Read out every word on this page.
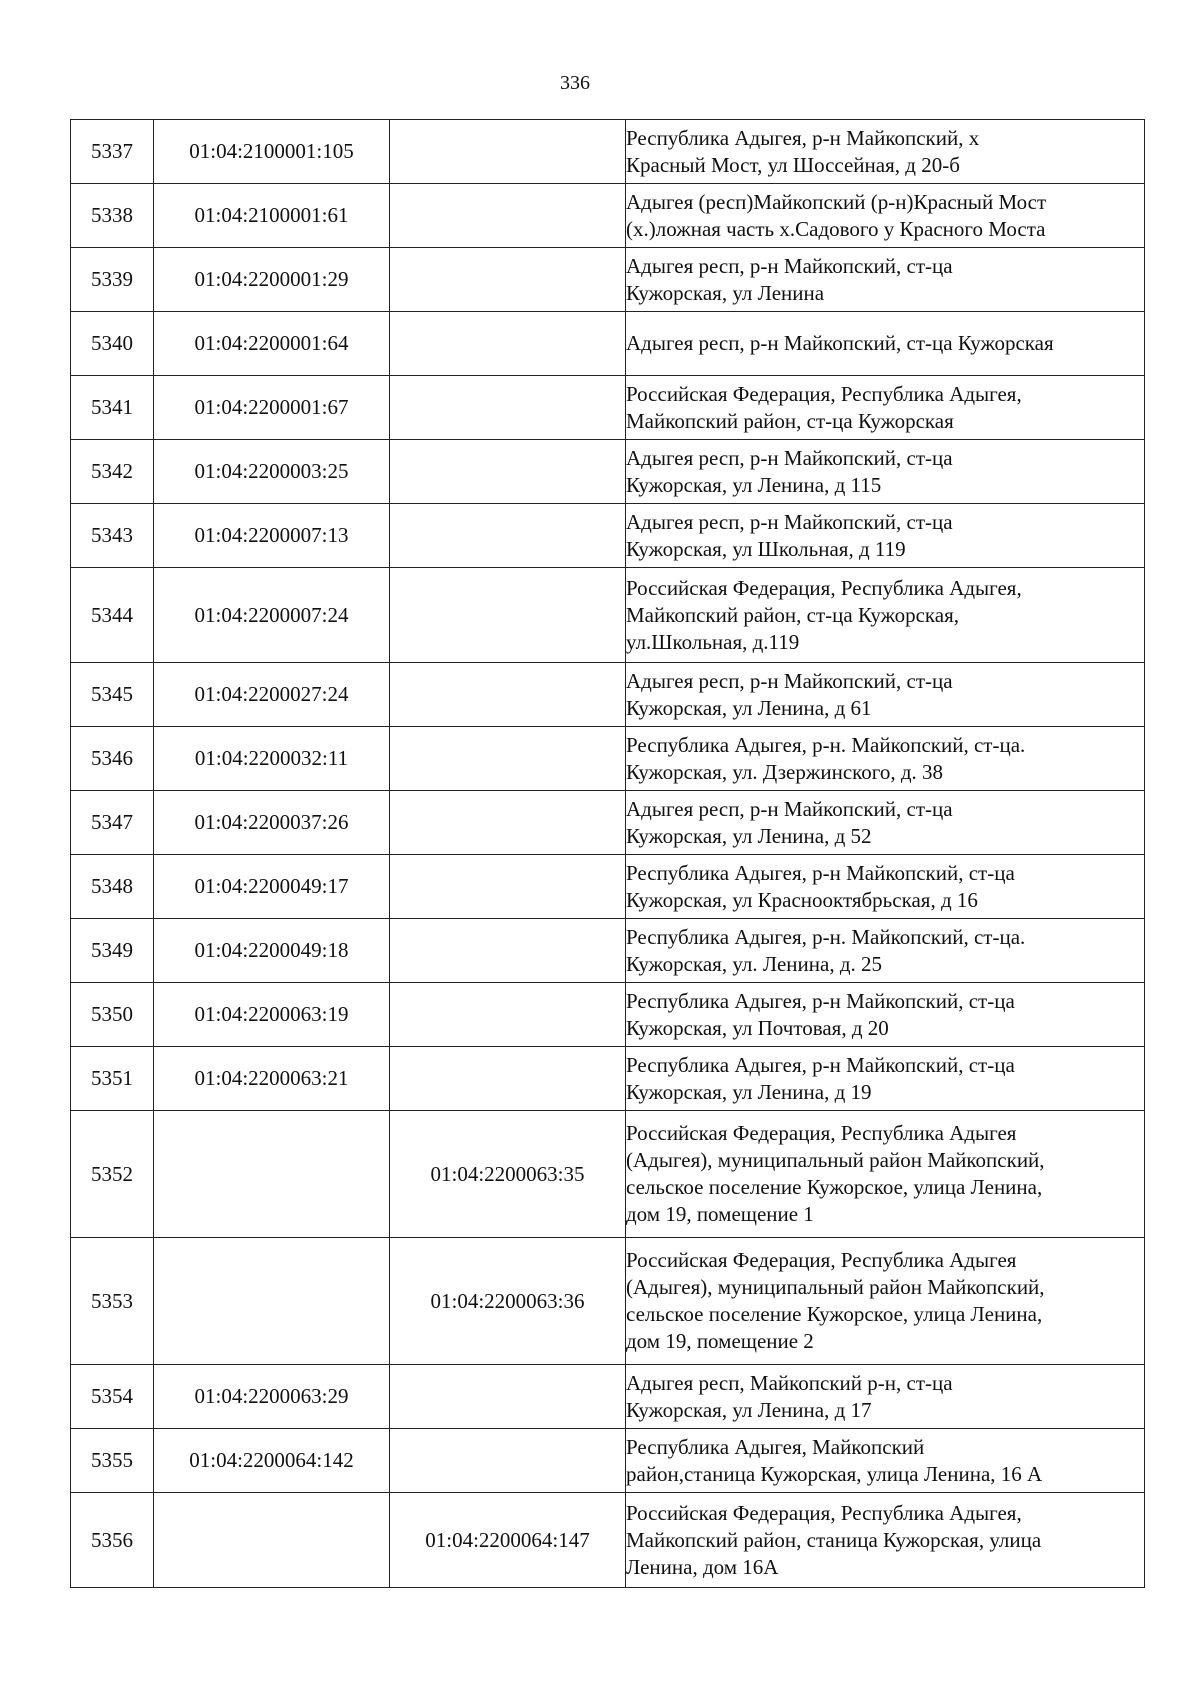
336
5337	01:04:2100001:105		Республика Адыгея, р-н Майкопский, х
Красный Мост, ул Шоссейная, д 20-б

5338	01:04:2100001:61		Адыгея (респ)Майкопский (р-н)Красный Мост
(х.)ложная часть х.Садового у Красного Моста

5339	01:04:2200001:29		Адыгея респ, р-н Майкопский, ст-ца
Кужорская, ул Ленина

5340	01:04:2200001:64		Адыгея респ, р-н Майкопский, ст-ца Кужорская

5341	01:04:2200001:67		Российская Федерация, Республика Адыгея,
Майкопский район, ст-ца Кужорская

5342	01:04:2200003:25		Адыгея респ, р-н Майкопский, ст-ца
Кужорская, ул Ленина, д 115

5343	01:04:2200007:13		Адыгея респ, р-н Майкопский, ст-ца
Кужорская, ул Школьная, д 119

5344	01:04:2200007:24		Российская Федерация, Республика Адыгея,
Майкопский район, ст-ца Кужорская,
ул.Школьная, д.119

5345	01:04:2200027:24		Адыгея респ, р-н Майкопский, ст-ца
Кужорская, ул Ленина, д 61

5346	01:04:2200032:11		Республика Адыгея, р-н. Майкопский, ст-ца.
Кужорская, ул. Дзержинского, д. 38

5347	01:04:2200037:26		Адыгея респ, р-н Майкопский, ст-ца
Кужорская, ул Ленина, д 52

5348	01:04:2200049:17		Республика Адыгея, р-н Майкопский, ст-ца
Кужорская, ул Краснооктябрьская, д 16

5349	01:04:2200049:18		Республика Адыгея, р-н. Майкопский, ст-ца.
Кужорская, ул. Ленина, д. 25

5350	01:04:2200063:19		Республика Адыгея, р-н Майкопский, ст-ца
Кужорская, ул Почтовая, д 20

5351	01:04:2200063:21		Республика Адыгея, р-н Майкопский, ст-ца
Кужорская, ул Ленина, д 19

5352		01:04:2200063:35	Российская Федерация, Республика Адыгея
(Адыгея), муниципальный район Майкопский,
сельское поселение Кужорское, улица Ленина,
дом 19, помещение 1

5353		01:04:2200063:36	Российская Федерация, Республика Адыгея
(Адыгея), муниципальный район Майкопский,
сельское поселение Кужорское, улица Ленина,
дом 19, помещение 2

5354	01:04:2200063:29		Адыгея респ, Майкопский р-н, ст-ца
Кужорская, ул Ленина, д 17

5355	01:04:2200064:142		Республика Адыгея, Майкопский
район,станица Кужорская, улица Ленина, 16 А

5356		01:04:2200064:147	Российская Федерация, Республика Адыгея,
Майкопский район, станица Кужорская, улица
Ленина, дом 16А
